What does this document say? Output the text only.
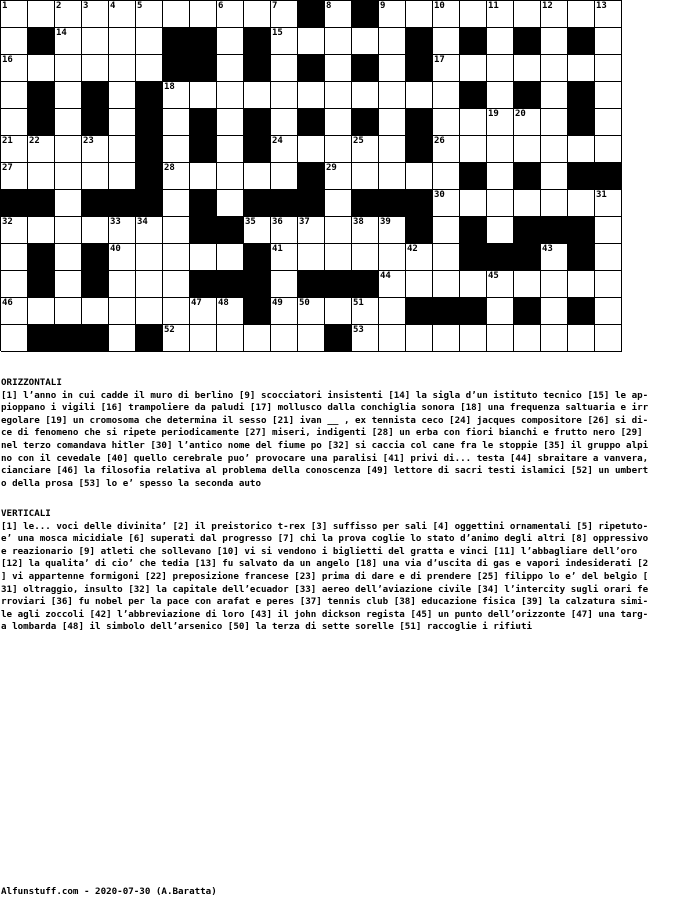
1	2 3 4 5	6	7	8	9	10	11	12	13
14	15
16	17
18
19 20
21 22	23	24	25	26
27	28	29
30	31
32	33 34	35 36 37	38 39
40	41	42	43
44	45
46	47 48	49 50	51
52	53
ORIZZONTALI
[1] l’anno in cui cadde il muro di berlino [9] scocciatori insistenti [14] la sigla d’un istituto tecnico [15] le ap-
pioppano i vigili [16] trampoliere da paludi [17] mollusco dalla conchiglia sonora [18] una frequenza saltuaria e irr
egolare [19] un cromosoma che determina il sesso [21] ivan __ , ex tennista ceco [24] jacques compositore [26] si di-
ce di fenomeno che si ripete periodicamente [27] miseri, indigenti [28] un erba con fiori bianchi e frutto nero [29]
nel terzo comandava hitler [30] l’antico nome del fiume po [32] si caccia col cane fra le stoppie [35] il gruppo alpi
no con il cevedale [40] quello cerebrale puo’ provocare una paralisi [41] privi di... testa [44] sbraitare a vanvera,
cianciare [46] la filosofia relativa al problema della conoscenza [49] lettore di sacri testi islamici [52] un umbert
o della prosa [53] lo e’ spesso la seconda auto
VERTICALI
[1] le... voci delle divinita’ [2] il preistorico t-rex [3] suffisso per sali [4] oggettini ornamentali [5] ripetuto-
e’ una mosca micidiale [6] superati dal progresso [7] chi la prova coglie lo stato d’animo degli altri [8] oppressivo
e reazionario [9] atleti che sollevano [10] vi si vendono i biglietti del gratta e vinci [11] l’abbagliare dell’oro
[12] la qualita’ di cio’ che tedia [13] fu salvato da un angelo [18] una via d’uscita di gas e vapori indesiderati [2
] vi appartenne formigoni [22] preposizione francese [23] prima di dare e di prendere [25] filippo lo e’ del belgio [
31] oltraggio, insulto [32] la capitale dell’ecuador [33] aereo dell’aviazione civile [34] l’intercity sugli orari fe
rroviari [36] fu nobel per la pace con arafat e peres [37] tennis club [38] educazione fisica [39] la calzatura simi-
le agli zoccoli [42] l’abbreviazione di loro [43] il john dickson regista [45] un punto dell’orizzonte [47] una targ-
a lombarda [48] il simbolo dell’arsenico [50] la terza di sette sorelle [51] raccoglie i rifiuti
Alfunstuff.com - 2020-07-30 (A.Baratta)
